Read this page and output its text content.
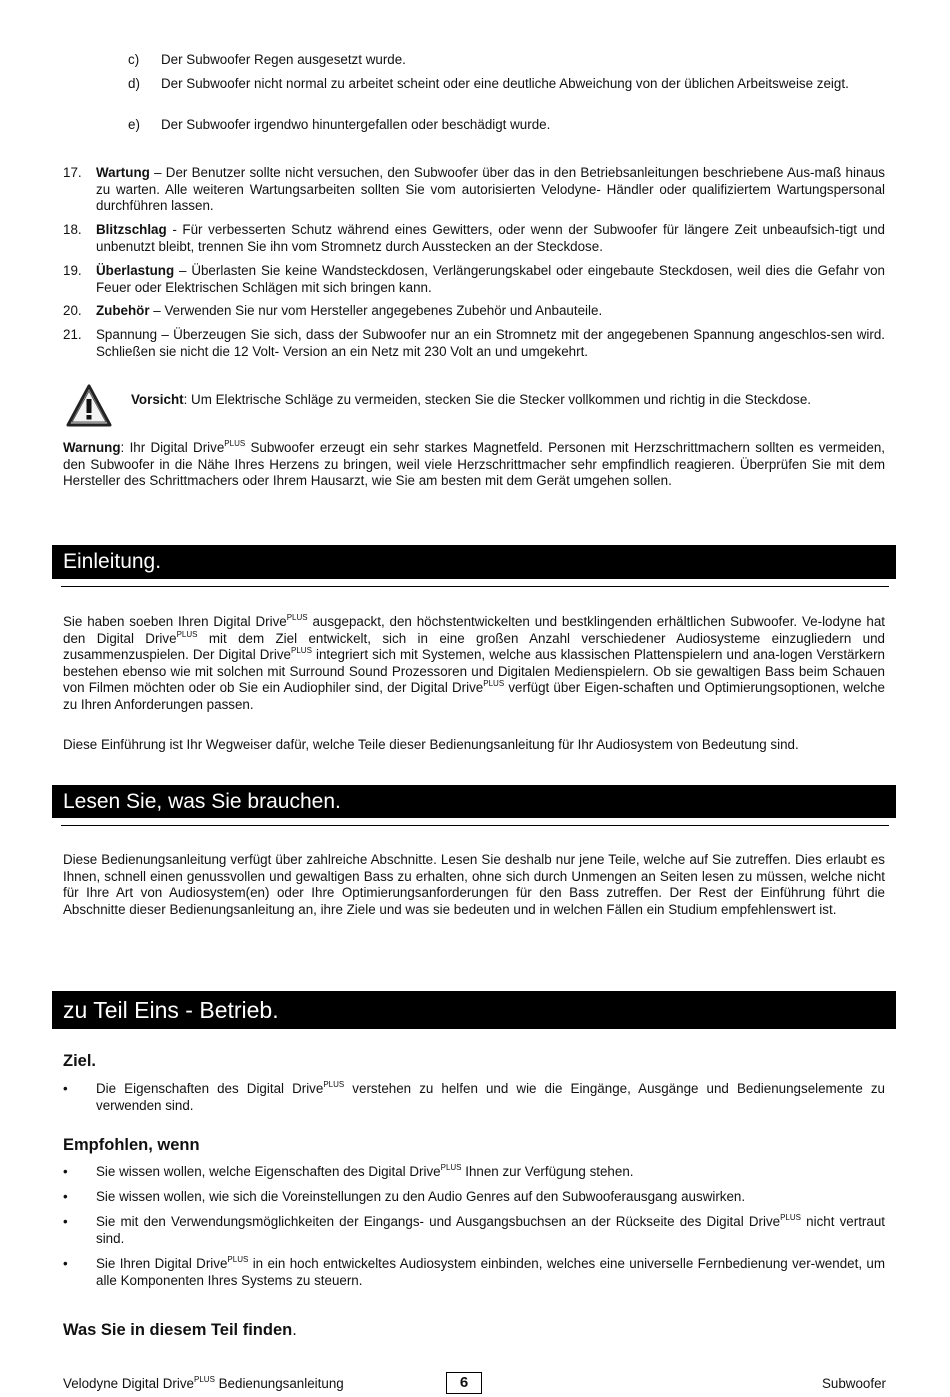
c) Der Subwoofer Regen ausgesetzt wurde.
d) Der Subwoofer nicht normal zu arbeitet scheint oder eine deutliche Abweichung von der üblichen Arbeitsweise zeigt.
e) Der Subwoofer irgendwo hinuntergefallen oder beschädigt wurde.
17. Wartung – Der Benutzer sollte nicht versuchen, den Subwoofer über das in den Betriebsanleitungen beschriebene Aus-maß hinaus zu warten. Alle weiteren Wartungsarbeiten sollten Sie vom autorisierten Velodyne- Händler oder qualifiziertem Wartungspersonal durchführen lassen.
18. Blitzschlag - Für verbesserten Schutz während eines Gewitters, oder wenn der Subwoofer für längere Zeit unbeaufsich-tigt und unbenutzt bleibt, trennen Sie ihn vom Stromnetz durch Ausstecken an der Steckdose.
19. Überlastung – Überlasten Sie keine Wandsteckdosen, Verlängerungskabel oder eingebaute Steckdosen, weil dies die Gefahr von Feuer oder Elektrischen Schlägen mit sich bringen kann.
20. Zubehör – Verwenden Sie nur vom Hersteller angegebenes Zubehör und Anbauteile.
21. Spannung – Überzeugen Sie sich, dass der Subwoofer nur an ein Stromnetz mit der angegebenen Spannung angeschlos-sen wird. Schließen sie nicht die 12 Volt- Version an ein Netz mit 230 Volt an und umgekehrt.

Vorsicht: Um Elektrische Schläge zu vermeiden, stecken Sie die Stecker vollkommen und richtig in die Steckdose.

Warnung: Ihr Digital Drive$^{PLUS}$ Subwoofer erzeugt ein sehr starkes Magnetfeld. Personen mit Herzschrittmachern sollten es vermeiden, den Subwoofer in die Nähe Ihres Herzens zu bringen, weil viele Herzschrittmacher sehr empfindlich reagieren. Überprüfen Sie mit dem Hersteller des Schrittmachers oder Ihrem Hausarzt, wie Sie am besten mit dem Gerät umgehen sollen.

Einleitung.

Sie haben soeben Ihren Digital Drive$^{PLUS}$ ausgepackt, den höchstentwickelten und bestklingenden erhältlichen Subwoofer. Ve-lodyne hat den Digital Drive$^{PLUS}$ mit dem Ziel entwickelt, sich in eine großen Anzahl verschiedener Audiosysteme einzugliedern und zusammenzuspielen. Der Digital Drive$^{PLUS}$ integriert sich mit Systemen, welche aus klassischen Plattenspielern und ana-logen Verstärkern bestehen ebenso wie mit solchen mit Surround Sound Prozessoren und Digitalen Medienspielern. Ob sie gewaltigen Bass beim Schauen von Filmen möchten oder ob Sie ein Audiophiler sind, der Digital Drive$^{PLUS}$ verfügt über Eigen-schaften und Optimierungsoptionen, welche zu Ihren Anforderungen passen.

Diese Einführung ist Ihr Wegweiser dafür, welche Teile dieser Bedienungsanleitung für Ihr Audiosystem von Bedeutung sind.

Lesen Sie, was Sie brauchen.

Diese Bedienungsanleitung verfügt über zahlreiche Abschnitte. Lesen Sie deshalb nur jene Teile, welche auf Sie zutreffen. Dies erlaubt es Ihnen, schnell einen genussvollen und gewaltigen Bass zu erhalten, ohne sich durch Unmengen an Seiten lesen zu müssen, welche nicht für Ihre Art von Audiosystem(en) oder Ihre Optimierungsanforderungen für den Bass zutreffen. Der Rest der Einführung führt die Abschnitte dieser Bedienungsanleitung an, ihre Ziele und was sie bedeuten und in welchen Fällen ein Studium empfehlenswert ist.

zu Teil Eins - Betrieb.
Ziel.
• Die Eigenschaften des Digital Drive$^{PLUS}$ verstehen zu helfen und wie die Eingänge, Ausgänge und Bedienungselemente zu verwenden sind.
Empfohlen, wenn
• Sie wissen wollen, welche Eigenschaften des Digital Drive$^{PLUS}$ Ihnen zur Verfügung stehen.
• Sie wissen wollen, wie sich die Voreinstellungen zu den Audio Genres auf den Subwooferausgang auswirken.
• Sie mit den Verwendungsmöglichkeiten der Eingangs- und Ausgangsbuchsen an der Rückseite des Digital Drive$^{PLUS}$ nicht vertraut sind.
• Sie Ihren Digital Drive$^{PLUS}$ in ein hoch entwickeltes Audiosystem einbinden, welches eine universelle Fernbedienung ver-wendet, um alle Komponenten Ihres Systems zu steuern.
Was Sie in diesem Teil finden.
Velodyne Digital Drive$^{PLUS}$ Bedienungsanleitung	6	Subwoofer
